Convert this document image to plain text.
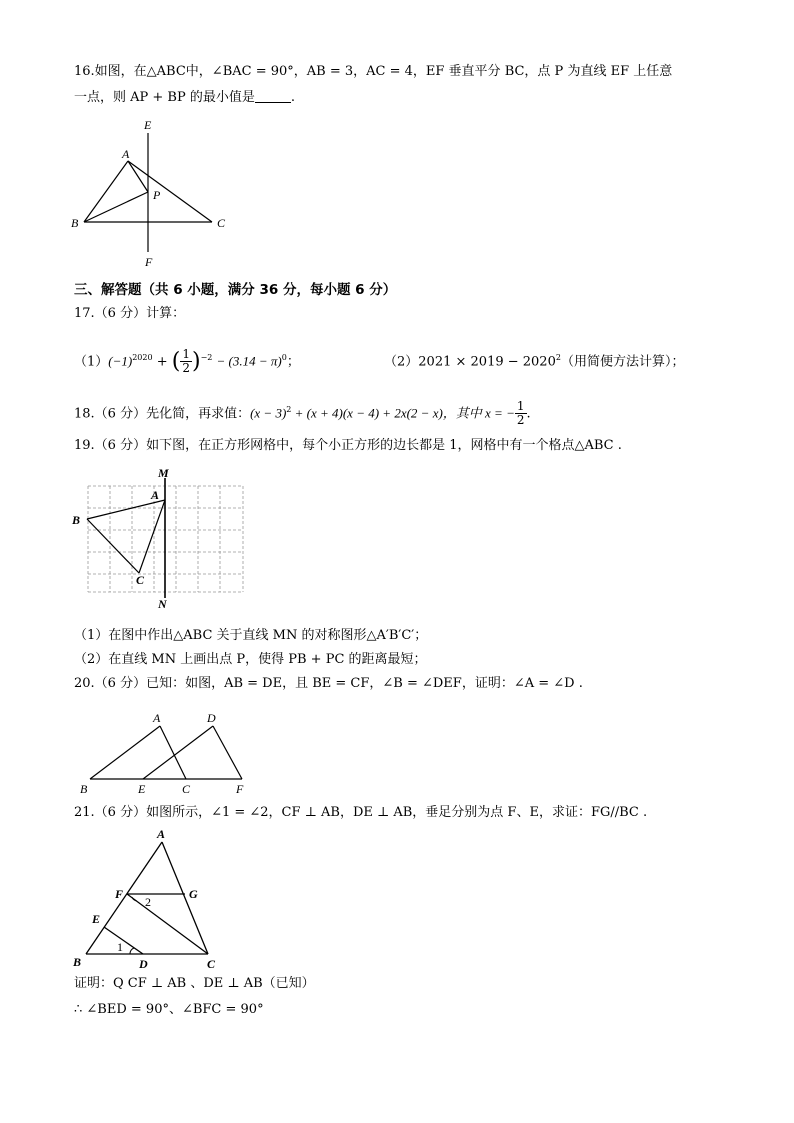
16.如图，在△ABC中，∠BAC = 90°，AB = 3，AC = 4，EF 垂直平分 BC，点 P 为直线 EF 上任意
一点，则 AP + BP 的最小值是	.
E
A
P
B	C
F
三、解答题（共 6 小题，满分 36 分，每小题 6 分）
17.（6 分）计算：
$(1)(-1)^{2020}$ + ( $\frac{1}{2})^{-2} - (3.14 - \pi)^0$；	$(2)2021 \times 2019 - 2020^2$（用简便方法计算）；
18.（6 分）先化简，再求值：$(x - 3)^2 + (x + 4)(x - 4) + 2x(2 - x)$，其中 x = − $\frac{1}{2}$.
19.（6 分）如下图，在正方形网格中，每个小正方形的边长都是 1，网格中有一个格点△ABC .
M
A
B
C
N
（1）在图中作出△ABC 关于直线 MN 的对称图形△A′B′C′；
（2）在直线 MN 上画出点 P，使得 PB + PC 的距离最短；
20.（6 分）已知：如图，AB = DE，且 BE = CF，∠B = ∠DEF，证明：∠A = ∠D .
A	D
B	E	C	F
21.（6 分）如图所示，∠1 = ∠2，CF ⊥ AB，DE ⊥ AB，垂足分别为点 F、E，求证：FG//BC .
A
F	G
2
E
1
B	D	C
证明：Q CF ⊥ AB 、DE ⊥ AB（已知）
∴ ∠BED = 90°、∠BFC = 90°
